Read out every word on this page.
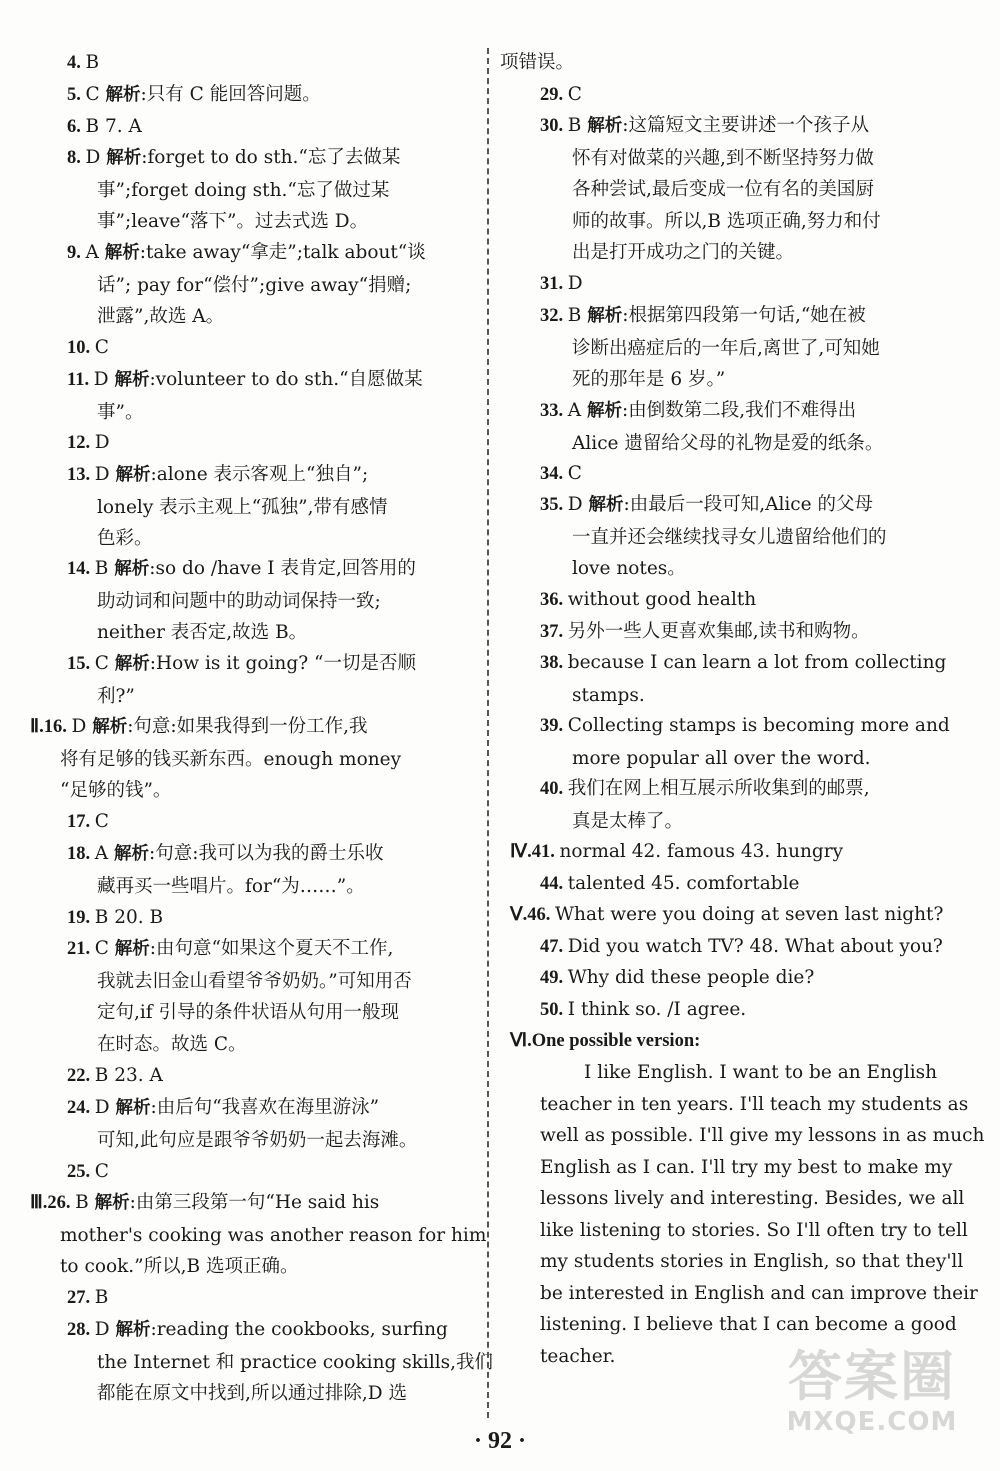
4. B
5. C 解析:只有 C 能回答问题。
6. B 7. A
8. D 解析:forget to do sth.“忘了去做某
事”;forget doing sth.“忘了做过某
事”;leave“落下”。过去式选 D。
9. A 解析:take away“拿走”;talk about“谈
话”; pay for“偿付”;give away“捐赠;
泄露”,故选 A。
10. C
11. D 解析:volunteer to do sth.“自愿做某
事”。
12. D
13. D 解析:alone 表示客观上“独自”;
lonely 表示主观上“孤独”,带有感情
色彩。
14. B 解析:so do /have I 表肯定,回答用的
助动词和问题中的助动词保持一致;
neither 表否定,故选 B。
15. C 解析:How is it going? “一切是否顺
利?”
Ⅱ.16. D 解析:句意:如果我得到一份工作,我
将有足够的钱买新东西。enough money
“足够的钱”。
17. C
18. A 解析:句意:我可以为我的爵士乐收
藏再买一些唱片。for“为……”。
19. B 20. B
21. C 解析:由句意“如果这个夏天不工作,
我就去旧金山看望爷爷奶奶。”可知用否
定句,if 引导的条件状语从句用一般现
在时态。故选 C。
22. B 23. A
24. D 解析:由后句“我喜欢在海里游泳”
可知,此句应是跟爷爷奶奶一起去海滩。
25. C
Ⅲ.26. B 解析:由第三段第一句“He said his
mother's cooking was another reason for him
to cook.”所以,B 选项正确。
27. B
28. D 解析:reading the cookbooks, surfing
the Internet 和 practice cooking skills,我们
都能在原文中找到,所以通过排除,D 选
项错误。
29. C
30. B 解析:这篇短文主要讲述一个孩子从
怀有对做菜的兴趣,到不断坚持努力做
各种尝试,最后变成一位有名的美国厨
师的故事。所以,B 选项正确,努力和付
出是打开成功之门的关键。
31. D
32. B 解析:根据第四段第一句话,“她在被
诊断出癌症后的一年后,离世了,可知她
死的那年是 6 岁。”
33. A 解析:由倒数第二段,我们不难得出
Alice 遗留给父母的礼物是爱的纸条。
34. C
35. D 解析:由最后一段可知,Alice 的父母
一直并还会继续找寻女儿遗留给他们的
love notes。
36. without good health
37. 另外一些人更喜欢集邮,读书和购物。
38. because I can learn a lot from collecting
stamps.
39. Collecting stamps is becoming more and
more popular all over the word.
40. 我们在网上相互展示所收集到的邮票,
真是太棒了。
Ⅳ.41. normal 42. famous 43. hungry
44. talented 45. comfortable
Ⅴ.46. What were you doing at seven last night?
47. Did you watch TV? 48. What about you?
49. Why did these people die?
50. I think so. /I agree.
Ⅵ.One possible version:
I like English. I want to be an English
teacher in ten years. I'll teach my students as
well as possible. I'll give my lessons in as much
English as I can. I'll try my best to make my
lessons lively and interesting. Besides, we all
like listening to stories. So I'll often try to tell
my students stories in English, so that they'll
be interested in English and can improve their
listening. I believe that I can become a good
teacher.
· 92 ·
答案圈
MXQE.COM
